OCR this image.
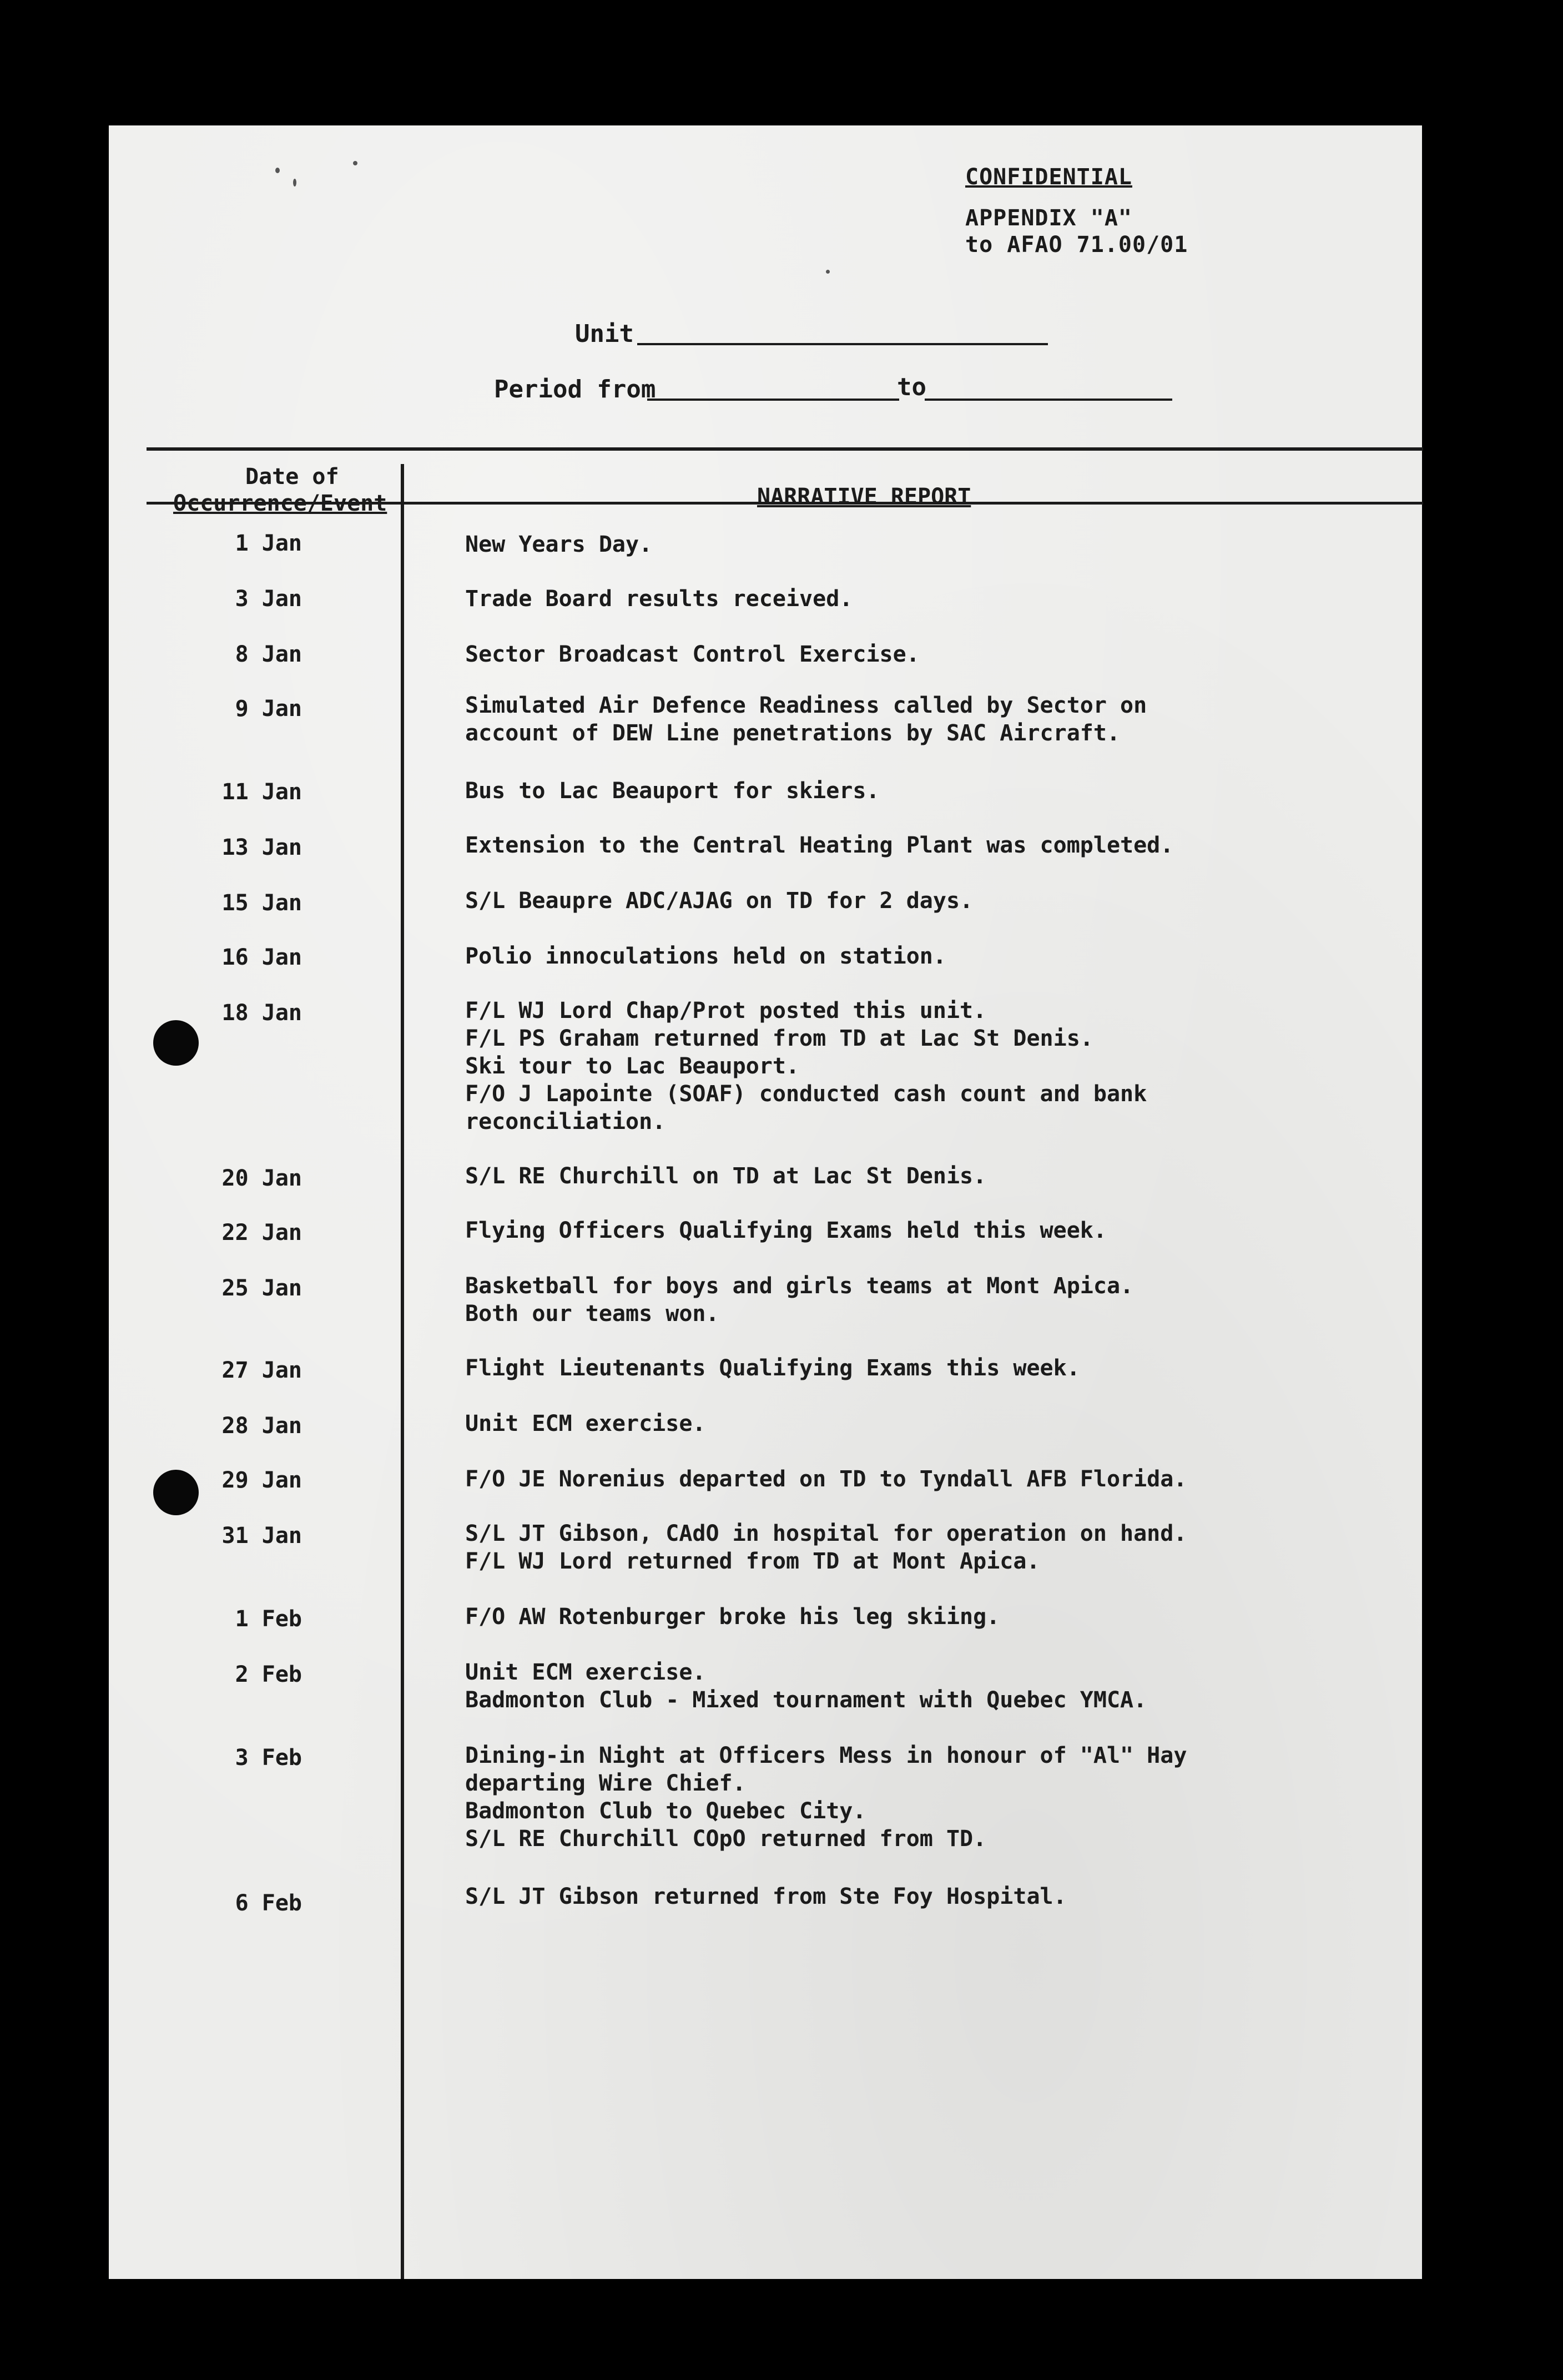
CONFIDENTIAL
APPENDIX "A"
to AFAO 71.00/01
Unit
Period from	to
Date of
Occurrence/Event	NARRATIVE REPORT
1 Jan	New Years Day.
3 Jan	Trade Board results received.
8 Jan	Sector Broadcast Control Exercise.
9 Jan	Simulated Air Defence Readiness called by Sector on
account of DEW Line penetrations by SAC Aircraft.
11 Jan	Bus to Lac Beauport for skiers.
13 Jan	Extension to the Central Heating Plant was completed.
15 Jan	S/L Beaupre ADC/AJAG on TD for 2 days.
16 Jan	Polio innoculations held on station.
18 Jan	F/L WJ Lord Chap/Prot posted this unit.
F/L PS Graham returned from TD at Lac St Denis.
Ski tour to Lac Beauport.
F/O J Lapointe (SOAF) conducted cash count and bank
reconciliation.
20 Jan	S/L RE Churchill on TD at Lac St Denis.
22 Jan	Flying Officers Qualifying Exams held this week.
25 Jan	Basketball for boys and girls teams at Mont Apica.
Both our teams won.
27 Jan	Flight Lieutenants Qualifying Exams this week.
28 Jan	Unit ECM exercise.
29 Jan	F/O JE Norenius departed on TD to Tyndall AFB Florida.
31 Jan	S/L JT Gibson, CAdO in hospital for operation on hand.
F/L WJ Lord returned from TD at Mont Apica.
1 Feb	F/O AW Rotenburger broke his leg skiing.
2 Feb	Unit ECM exercise.
Badmonton Club - Mixed tournament with Quebec YMCA.
3 Feb	Dining-in Night at Officers Mess in honour of "Al" Hay
departing Wire Chief.
Badmonton Club to Quebec City.
S/L RE Churchill COpO returned from TD.
6 Feb	S/L JT Gibson returned from Ste Foy Hospital.
